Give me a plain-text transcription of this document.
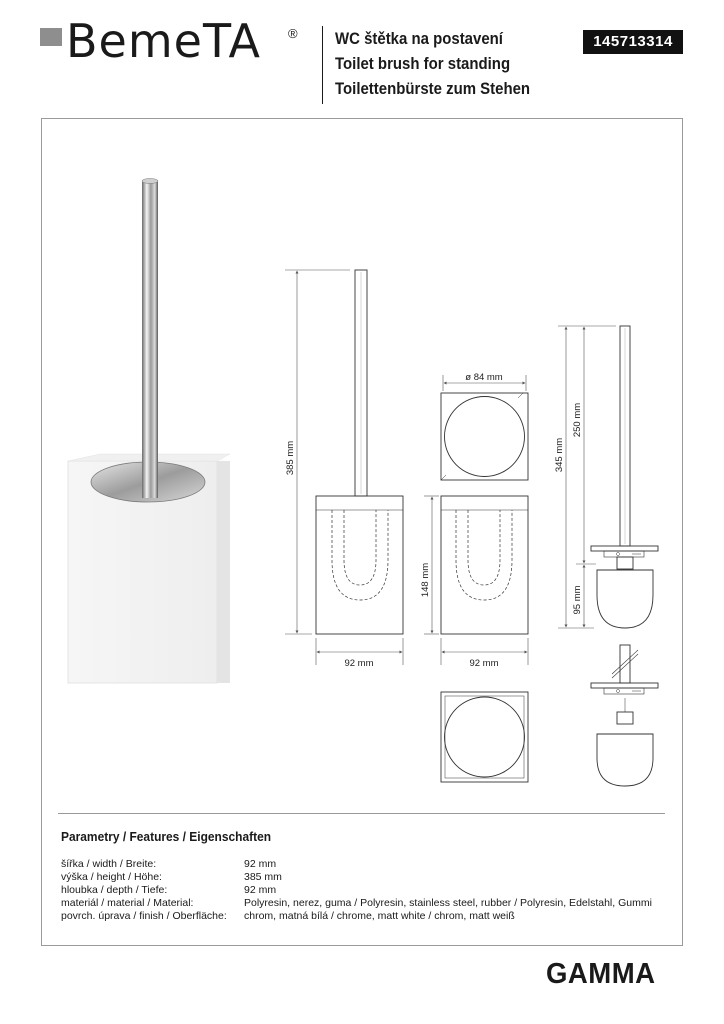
BemeTA ® WC štětka na postavení
Toilet brush for standing
Toilettenbürste zum Stehen
145713314
385 mm
92 mm
ø 84 mm
148 mm
92 mm
345 mm
250 mm
95 mm
Parametry / Features / Eigenschaften
šířka / width / Breite:	92 mm
výška / height / Höhe:	385 mm
hloubka / depth / Tiefe:	92 mm
materiál / material / Material:	Polyresin, nerez, guma / Polyresin, stainless steel, rubber / Polyresin, Edelstahl, Gummi
povrch. úprava / finish / Oberfläche: chrom, matná bílá / chrome, matt white / chrom, matt weiß
GAMMA
